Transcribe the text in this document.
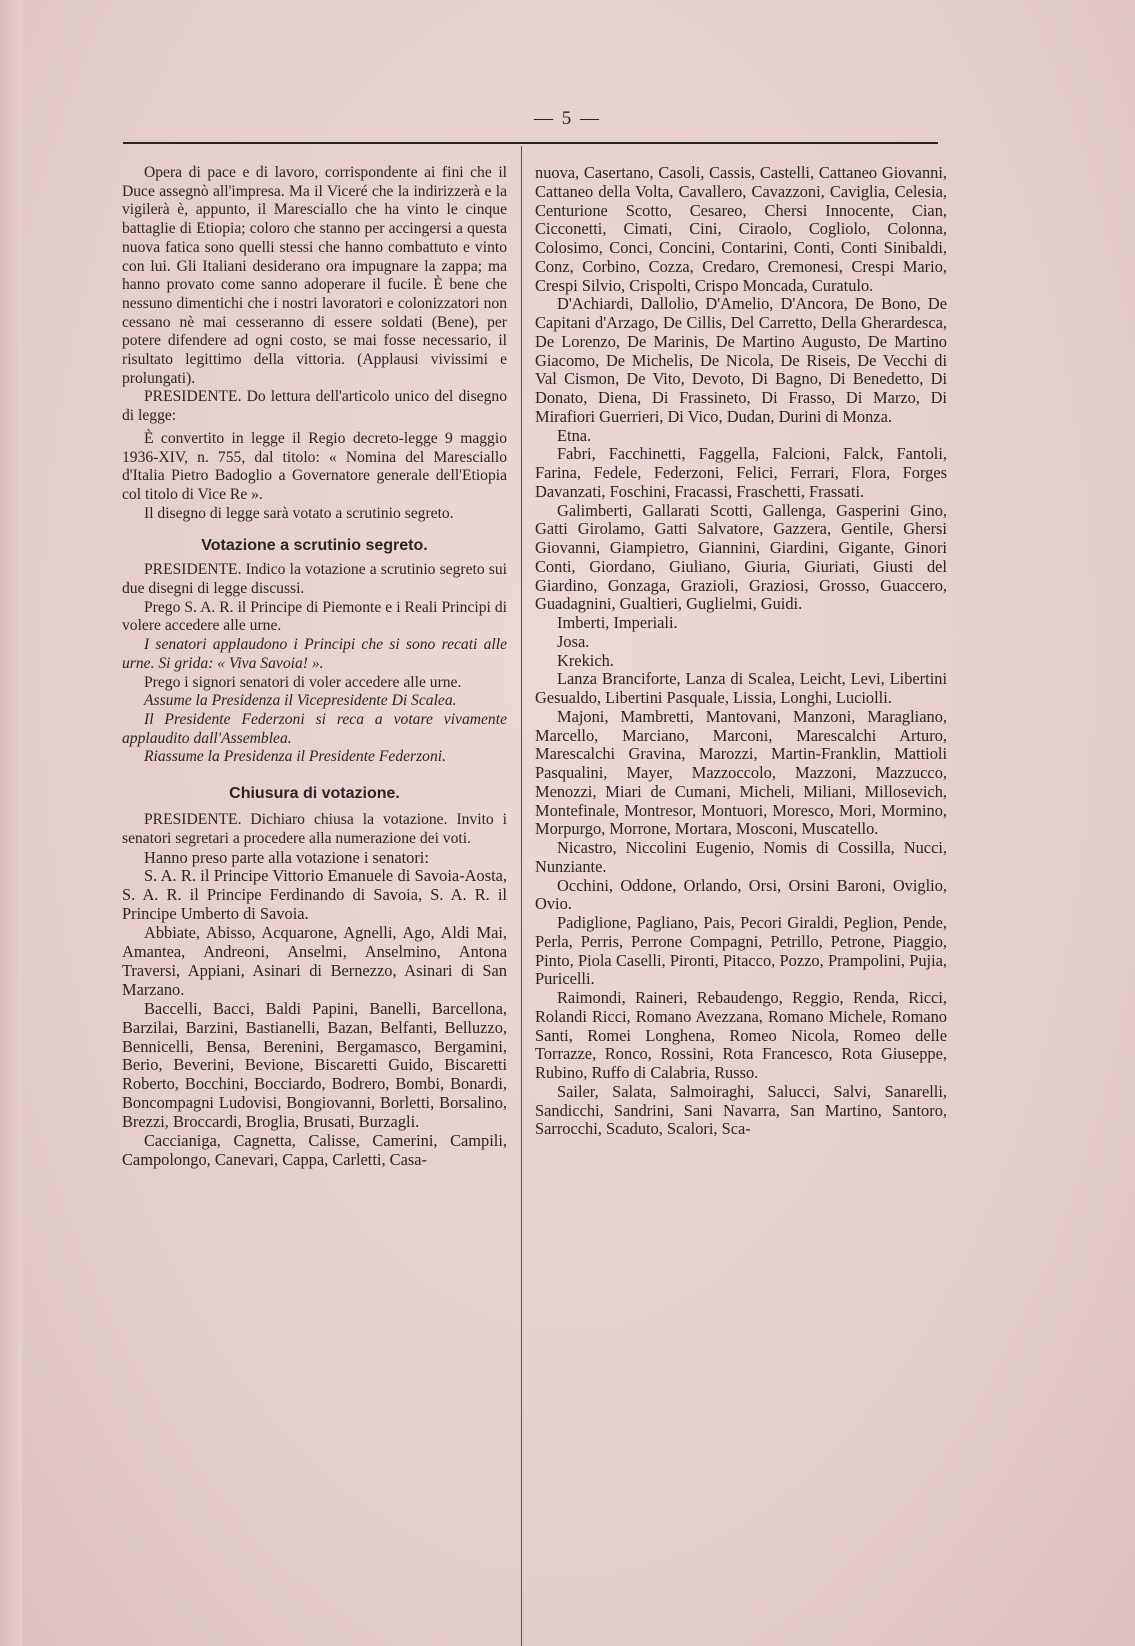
— 5 —

Opera di pace e di lavoro, corrispondente ai fini che il Duce assegnò all'impresa. Ma il Viceré che la indirizzerà e la vigilerà è, appunto, il Maresciallo che ha vinto le cinque battaglie di Etiopia; coloro che stanno per accingersi a questa nuova fatica sono quelli stessi che hanno combattuto e vinto con lui. Gli Italiani desiderano ora impugnare la zappa; ma hanno provato come sanno adoperare il fucile. È bene che nessuno dimentichi che i nostri lavoratori e colonizzatori non cessano nè mai cesseranno di essere soldati (Bene), per potere difendere ad ogni costo, se mai fosse necessario, il risultato legittimo della vittoria. (Applausi vivissimi e prolungati).

PRESIDENTE. Do lettura dell'articolo unico del disegno di legge:

È convertito in legge il Regio decreto-legge 9 maggio 1936-XIV, n. 755, dal titolo: « Nomina del Maresciallo d'Italia Pietro Badoglio a Governatore generale dell'Etiopia col titolo di Vice Re ».

Il disegno di legge sarà votato a scrutinio segreto.

Votazione a scrutinio segreto.

PRESIDENTE. Indico la votazione a scrutinio segreto sui due disegni di legge discussi.

Prego S. A. R. il Principe di Piemonte e i Reali Principi di volere accedere alle urne.

I senatori applaudono i Principi che si sono recati alle urne. Si grida: « Viva Savoia! ».

Prego i signori senatori di voler accedere alle urne.

Assume la Presidenza il Vicepresidente Di Scalea.

Il Presidente Federzoni si reca a votare vivamente applaudito dall'Assemblea.

Riassume la Presidenza il Presidente Federzoni.

Chiusura di votazione.

PRESIDENTE. Dichiaro chiusa la votazione. Invito i senatori segretari a procedere alla numerazione dei voti.

Hanno preso parte alla votazione i senatori:

S. A. R. il Principe Vittorio Emanuele di Savoia-Aosta, S. A. R. il Principe Ferdinando di Savoia, S. A. R. il Principe Umberto di Savoia.

Abbiate, Abisso, Acquarone, Agnelli, Ago, Aldi Mai, Amantea, Andreoni, Anselmi, Anselmino, Antona Traversi, Appiani, Asinari di Bernezzo, Asinari di San Marzano.

Baccelli, Bacci, Baldi Papini, Banelli, Barcellona, Barzilai, Barzini, Bastianelli, Bazan, Belfanti, Belluzzo, Bennicelli, Bensa, Berenini, Bergamasco, Bergamini, Berio, Beverini, Bevione, Biscaretti Guido, Biscaretti Roberto, Bocchini, Bocciardo, Bodrero, Bombi, Bonardi, Boncompagni Ludovisi, Bongiovanni, Borletti, Borsalino, Brezzi, Broccardi, Broglia, Brusati, Burzagli.

Caccianiga, Cagnetta, Calisse, Camerini, Campili, Campolongo, Canevari, Cappa, Carletti, Casa-

nuova, Casertano, Casoli, Cassis, Castelli, Cattaneo Giovanni, Cattaneo della Volta, Cavallero, Cavazzoni, Caviglia, Celesia, Centurione Scotto, Cesareo, Chersi Innocente, Cian, Cicconetti, Cimati, Cini, Ciraolo, Cogliolo, Colonna, Colosimo, Conci, Concini, Contarini, Conti, Conti Sinibaldi, Conz, Corbino, Cozza, Credaro, Cremonesi, Crespi Mario, Crespi Silvio, Crispolti, Crispo Moncada, Curatulo.

D'Achiardi, Dallolio, D'Amelio, D'Ancora, De Bono, De Capitani d'Arzago, De Cillis, Del Carretto, Della Gherardesca, De Lorenzo, De Marinis, De Martino Augusto, De Martino Giacomo, De Michelis, De Nicola, De Riseis, De Vecchi di Val Cismon, De Vito, Devoto, Di Bagno, Di Benedetto, Di Donato, Diena, Di Frassineto, Di Frasso, Di Marzo, Di Mirafiori Guerrieri, Di Vico, Dudan, Durini di Monza.

Etna.

Fabri, Facchinetti, Faggella, Falcioni, Falck, Fantoli, Farina, Fedele, Federzoni, Felici, Ferrari, Flora, Forges Davanzati, Foschini, Fracassi, Fraschetti, Frassati.

Galimberti, Gallarati Scotti, Gallenga, Gasperini Gino, Gatti Girolamo, Gatti Salvatore, Gazzera, Gentile, Ghersi Giovanni, Giampietro, Giannini, Giardini, Gigante, Ginori Conti, Giordano, Giuliano, Giuria, Giuriati, Giusti del Giardino, Gonzaga, Grazioli, Graziosi, Grosso, Guaccero, Guadagnini, Gualtieri, Guglielmi, Guidi.

Imberti, Imperiali.

Josa.

Krekich.

Lanza Branciforte, Lanza di Scalea, Leicht, Levi, Libertini Gesualdo, Libertini Pasquale, Lissia, Longhi, Luciolli.

Majoni, Mambretti, Mantovani, Manzoni, Maragliano, Marcello, Marciano, Marconi, Marescalchi Arturo, Marescalchi Gravina, Marozzi, Martin-Franklin, Mattioli Pasqualini, Mayer, Mazzoccolo, Mazzoni, Mazzucco, Menozzi, Miari de Cumani, Micheli, Miliani, Millosevich, Montefinale, Montresor, Montuori, Moresco, Mori, Mormino, Morpurgo, Morrone, Mortara, Mosconi, Muscatello.

Nicastro, Niccolini Eugenio, Nomis di Cossilla, Nucci, Nunziante.

Occhini, Oddone, Orlando, Orsi, Orsini Baroni, Oviglio, Ovio.

Padiglione, Pagliano, Pais, Pecori Giraldi, Peglion, Pende, Perla, Perris, Perrone Compagni, Petrillo, Petrone, Piaggio, Pinto, Piola Caselli, Pironti, Pitacco, Pozzo, Prampolini, Pujia, Puricelli.

Raimondi, Raineri, Rebaudengo, Reggio, Renda, Ricci, Rolandi Ricci, Romano Avezzana, Romano Michele, Romano Santi, Romei Longhena, Romeo Nicola, Romeo delle Torrazze, Ronco, Rossini, Rota Francesco, Rota Giuseppe, Rubino, Ruffo di Calabria, Russo.

Sailer, Salata, Salmoiraghi, Salucci, Salvi, Sanarelli, Sandicchi, Sandrini, Sani Navarra, San Martino, Santoro, Sarrocchi, Scaduto, Scalori, Sca-
